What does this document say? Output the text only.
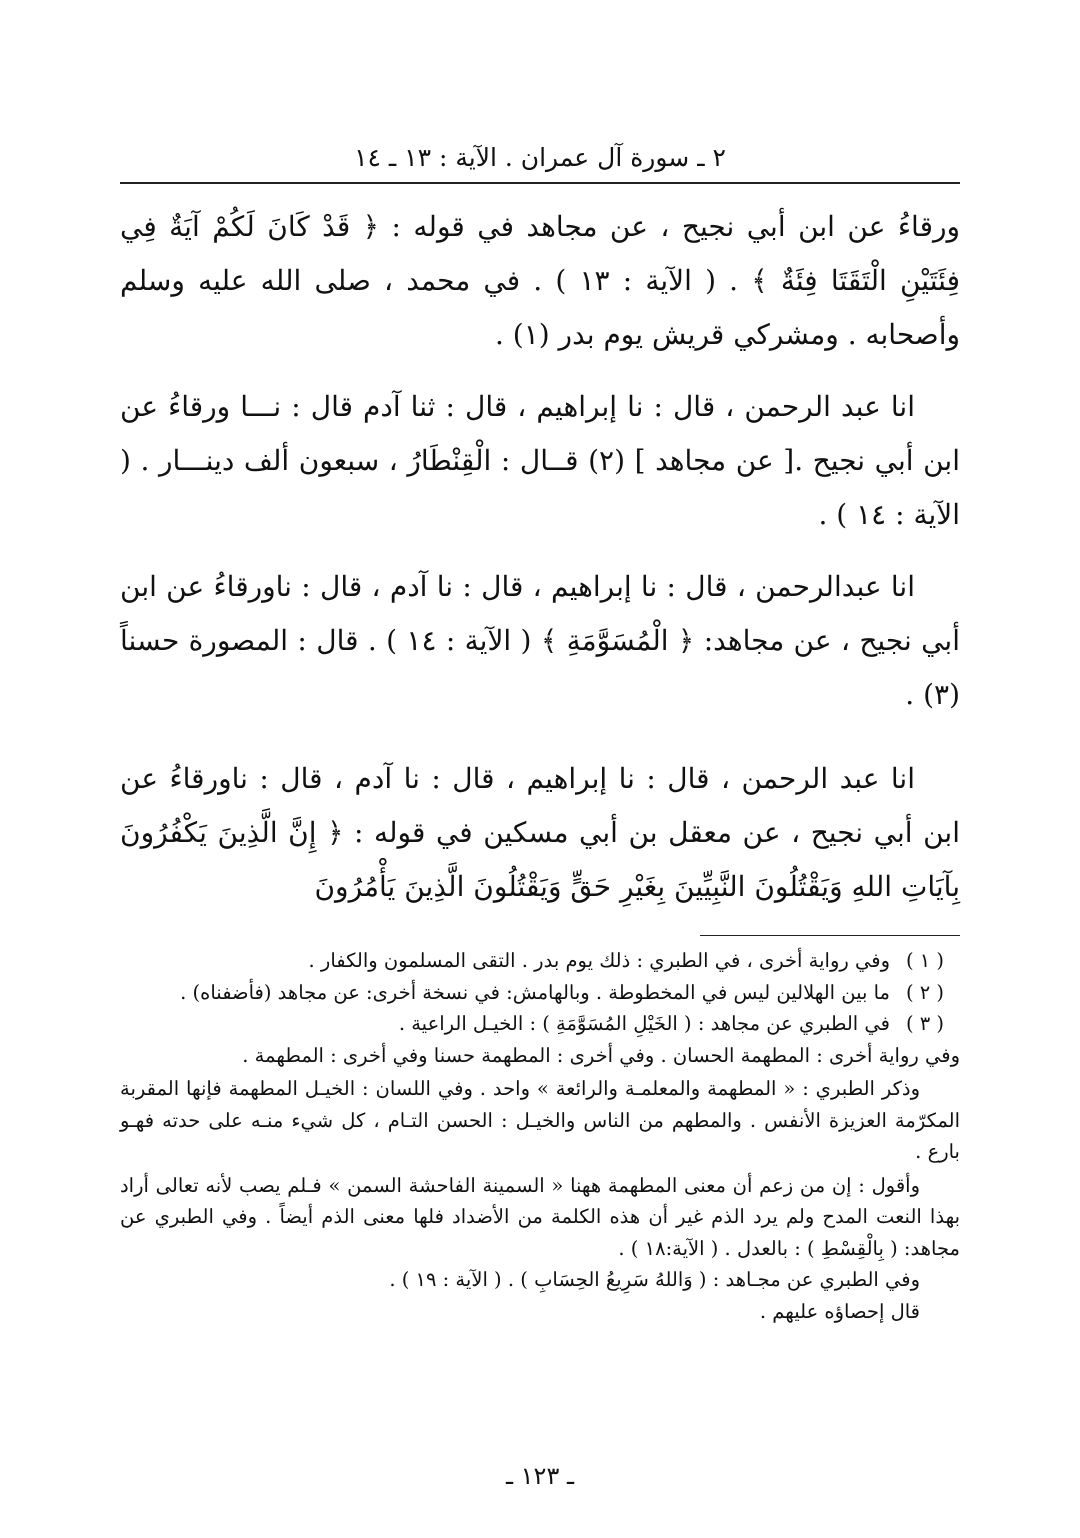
٢ ـ سورة آل عمران . الآية : ١٣ ـ ١٤

ورقاءُ عن ابن أبي نجيح ، عن مجاهد في قوله : ﴿ قَدْ كَانَ لَكُمْ آيَةٌ فِي فِئَتَيْنِ الْتَقَتَا فِئَةٌ ﴾ . ( الآية : ١٣ ) . في محمد ، صلى الله عليه وسلم وأصحابه . ومشركي قريش يوم بدر (١) .

انا عبد الرحمن ، قال : نا إبراهيم ، قال : ثنا آدم قال : نـــا ورقاءُ عن ابن أبي نجيح .[ عن مجاهد ] (٢) قــال : الْقِنْطَارُ ، سبعون ألف دينـــار . ( الآية : ١٤ ) .

انا عبدالرحمن ، قال : نا إبراهيم ، قال : نا آدم ، قال : ناورقاءُ عن ابن أبي نجيح ، عن مجاهد: ﴿ الْمُسَوَّمَةِ ﴾ ( الآية : ١٤ ) . قال : المصورة حسناً (٣) .

انا عبد الرحمن ، قال : نا إبراهيم ، قال : نا آدم ، قال : ناورقاءُ عن ابن أبي نجيح ، عن معقل بن أبي مسكين في قوله : ﴿ إِنَّ الَّذِينَ يَكْفُرُونَ بِآيَاتِ اللهِ وَيَقْتُلُونَ النَّبِيِّينَ بِغَيْرِ حَقٍّ وَيَقْتُلُونَ الَّذِينَ يَأْمُرُونَ

( ١ )
وفي رواية أخرى ، في الطبري : ذلك يوم بدر . التقى المسلمون والكفار .
( ٢ )
ما بين الهلالين ليس في المخطوطة . وبالهامش: في نسخة أخرى: عن مجاهد (فأضفناه) .
( ٣ )
في الطبري عن مجاهد : ( الخَيْلِ المُسَوَّمَةِ ) : الخيـل الراعية .

وفي رواية أخرى : المطهمة الحسان . وفي أخرى : المطهمة حسنا وفي أخرى : المطهمة .

وذكر الطبري : « المطهمة والمعلمـة والرائعة » واحد . وفي اللسان : الخيـل المطهمة فإنها المقربة المكرّمة العزيزة الأنفس . والمطهم من الناس والخيـل : الحسن التـام ، كل شيء منـه على حدته فهـو بارع .

وأقول : إن من زعم أن معنى المطهمة ههنا « السمينة الفاحشة السمن » فـلم يصب لأنه تعالى أراد بهذا النعت المدح ولم يرد الذم غير أن هذه الكلمة من الأضداد فلها معنى الذم أيضاً . وفي الطبري عن مجاهد: ( بِالْقِسْطِ ) : بالعدل . ( الآية:١٨ ) .

وفي الطبري عن مجـاهد : ( وَاللهُ سَرِيعُ الحِسَابِ ) . ( الآية : ١٩ ) .

قال إحصاؤه عليهم .

ـ ١٢٣ ـ
